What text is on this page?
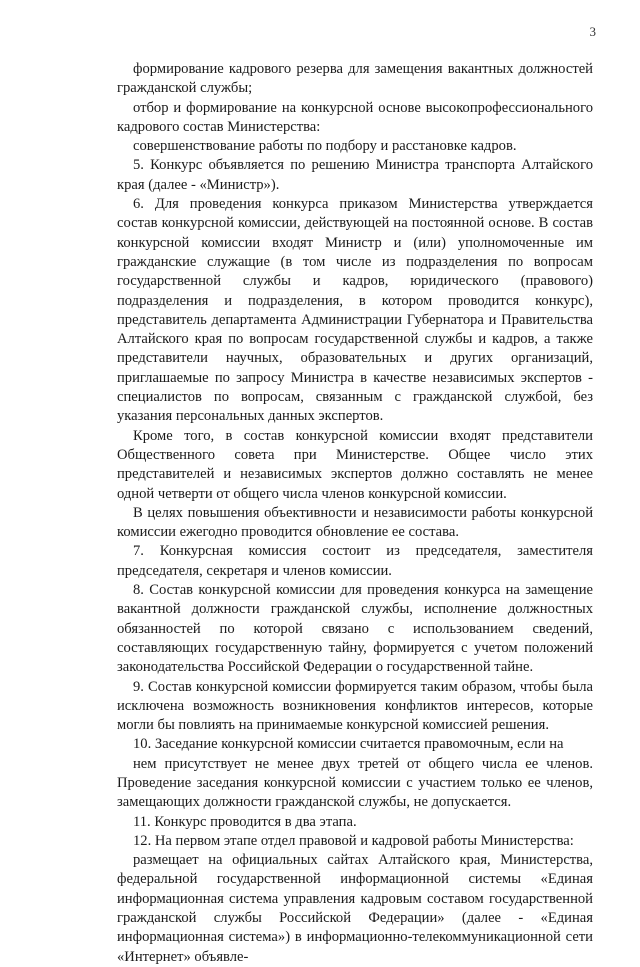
3

формирование кадрового резерва для замещения вакантных должностей гражданской службы;

отбор и формирование на конкурсной основе высокопрофессионального кадрового состав Министерства:

совершенствование работы по подбору и расстановке кадров.

5. Конкурс объявляется по решению Министра транспорта Алтайского края (далее - «Министр»).

6. Для проведения конкурса приказом Министерства утверждается состав конкурсной комиссии, действующей на постоянной основе. В состав конкурсной комиссии входят Министр и (или) уполномоченные им гражданские служащие (в том числе из подразделения по вопросам государственной службы и кадров, юридического (правового) подразделения и подразделения, в котором проводится конкурс), представитель департамента Администрации Губернатора и Правительства Алтайского края по вопросам государственной службы и кадров, а также представители научных, образовательных и других организаций, приглашаемые по запросу Министра в качестве независимых экспертов - специалистов по вопросам, связанным с гражданской службой, без указания персональных данных экспертов.

Кроме того, в состав конкурсной комиссии входят представители Общественного совета при Министерстве. Общее число этих представителей и независимых экспертов должно составлять не менее одной четверти от общего числа членов конкурсной комиссии.

В целях повышения объективности и независимости работы конкурсной комиссии ежегодно проводится обновление ее состава.

7. Конкурсная комиссия состоит из председателя, заместителя председателя, секретаря и членов комиссии.

8. Состав конкурсной комиссии для проведения конкурса на замещение вакантной должности гражданской службы, исполнение должностных обязанностей по которой связано с использованием сведений, составляющих государственную тайну, формируется с учетом положений законодательства Российской Федерации о государственной тайне.

9. Состав конкурсной комиссии формируется таким образом, чтобы была исключена возможность возникновения конфликтов интересов, которые могли бы повлиять на принимаемые конкурсной комиссией решения.

10. Заседание конкурсной комиссии считается правомочным, если на

нем присутствует не менее двух третей от общего числа ее членов. Проведение заседания конкурсной комиссии с участием только ее членов, замещающих должности гражданской службы, не допускается.

11. Конкурс проводится в два этапа.

12. На первом этапе отдел правовой и кадровой работы Министерства:

размещает на официальных сайтах Алтайского края, Министерства, федеральной государственной информационной системы «Единая информационная система управления кадровым составом государственной гражданской службы Российской Федерации» (далее - «Единая информационная система») в информационно-телекоммуникационной сети «Интернет» объявле-
